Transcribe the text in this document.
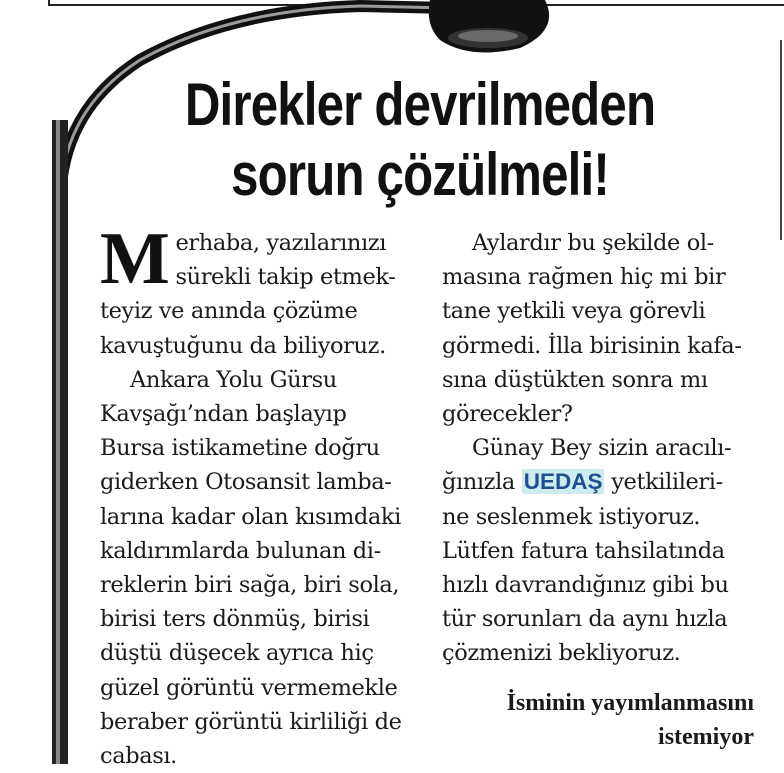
Direkler devrilmeden
sorun çözülmeli!

M erhaba, yazılarınızı
sürekli takip etmek-
teyiz ve anında çözüme
kavuştuğunu da biliyoruz.

Ankara Yolu Gürsu
Kavşağı’ndan başlayıp
Bursa istikametine doğru
giderken Otosansit lamba-
larına kadar olan kısımdaki
kaldırımlarda bulunan di-
reklerin biri sağa, biri sola,
birisi ters dönmüş, birisi
düştü düşecek ayrıca hiç
güzel görüntü vermemekle
beraber görüntü kirliliği de
cabası.

Aylardır bu şekilde ol-
masına rağmen hiç mi bir
tane yetkili veya görevli
görmedi. İlla birisinin kafa-
sına düştükten sonra mı
görecekler?

Günay Bey sizin aracılı-
ğınızla UEDAŞ yetkilileri-
ne seslenmek istiyoruz.
Lütfen fatura tahsilatında
hızlı davrandığınız gibi bu
tür sorunları da aynı hızla
çözmenizi bekliyoruz.

İsminin yayımlanmasını
istemiyor
